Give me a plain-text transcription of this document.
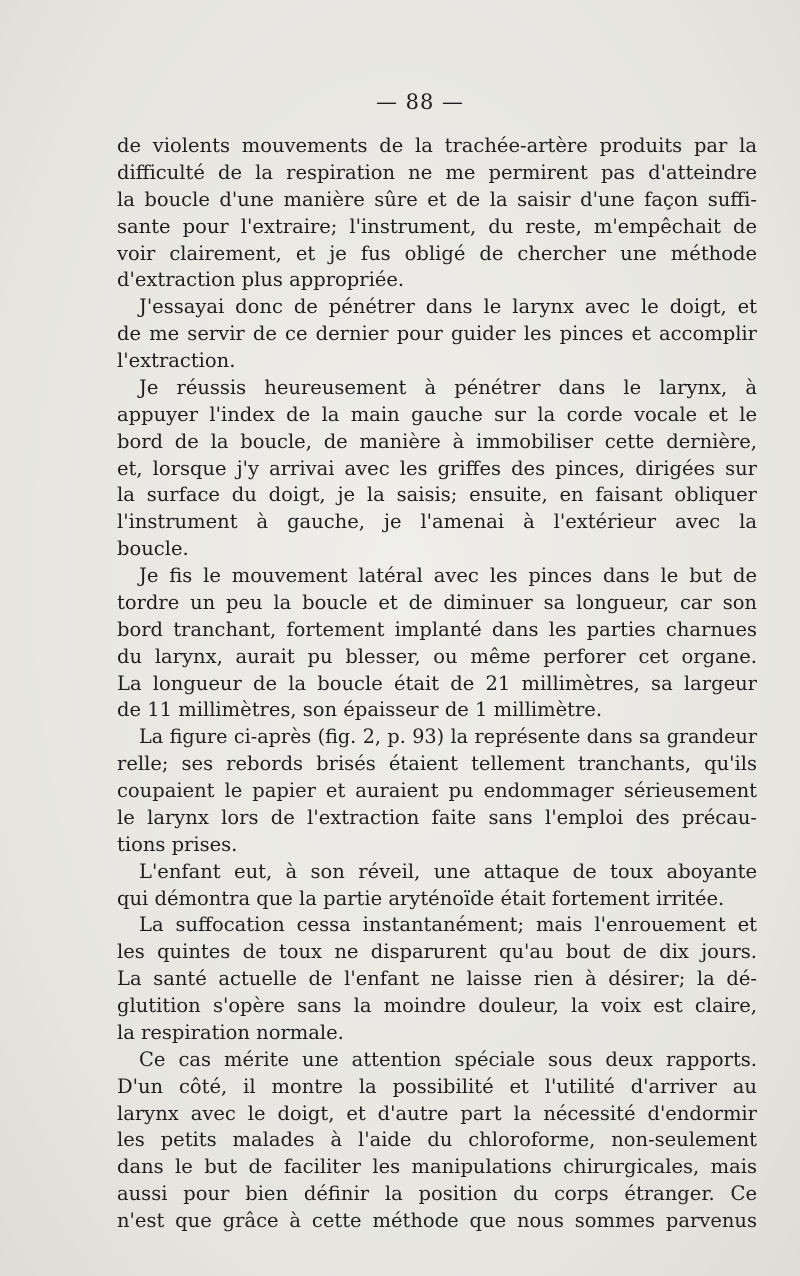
— 88 —
de violents mouvements de la trachée-artère produits par la
difficulté de la respiration ne me permirent pas d'atteindre
la boucle d'une manière sûre et de la saisir d'une façon suffi-
sante pour l'extraire; l'instrument, du reste, m'empêchait de
voir clairement, et je fus obligé de chercher une méthode
d'extraction plus appropriée.
J'essayai donc de pénétrer dans le larynx avec le doigt, et
de me servir de ce dernier pour guider les pinces et accomplir
l'extraction.
Je réussis heureusement à pénétrer dans le larynx, à
appuyer l'index de la main gauche sur la corde vocale et le
bord de la boucle, de manière à immobiliser cette dernière,
et, lorsque j'y arrivai avec les griffes des pinces, dirigées sur
la surface du doigt, je la saisis; ensuite, en faisant obliquer
l'instrument à gauche, je l'amenai à l'extérieur avec la
boucle.
Je fis le mouvement latéral avec les pinces dans le but de
tordre un peu la boucle et de diminuer sa longueur, car son
bord tranchant, fortement implanté dans les parties charnues
du larynx, aurait pu blesser, ou même perforer cet organe.
La longueur de la boucle était de 21 millimètres, sa largeur
de 11 millimètres, son épaisseur de 1 millimètre.
La figure ci-après (fig. 2, p. 93) la représente dans sa grandeur
relle; ses rebords brisés étaient tellement tranchants, qu'ils
coupaient le papier et auraient pu endommager sérieusement
le larynx lors de l'extraction faite sans l'emploi des précau-
tions prises.
L'enfant eut, à son réveil, une attaque de toux aboyante
qui démontra que la partie aryténoïde était fortement irritée.
La suffocation cessa instantanément; mais l'enrouement et
les quintes de toux ne disparurent qu'au bout de dix jours.
La santé actuelle de l'enfant ne laisse rien à désirer; la dé-
glutition s'opère sans la moindre douleur, la voix est claire,
la respiration normale.
Ce cas mérite une attention spéciale sous deux rapports.
D'un côté, il montre la possibilité et l'utilité d'arriver au
larynx avec le doigt, et d'autre part la nécessité d'endormir
les petits malades à l'aide du chloroforme, non-seulement
dans le but de faciliter les manipulations chirurgicales, mais
aussi pour bien définir la position du corps étranger. Ce
n'est que grâce à cette méthode que nous sommes parvenus
